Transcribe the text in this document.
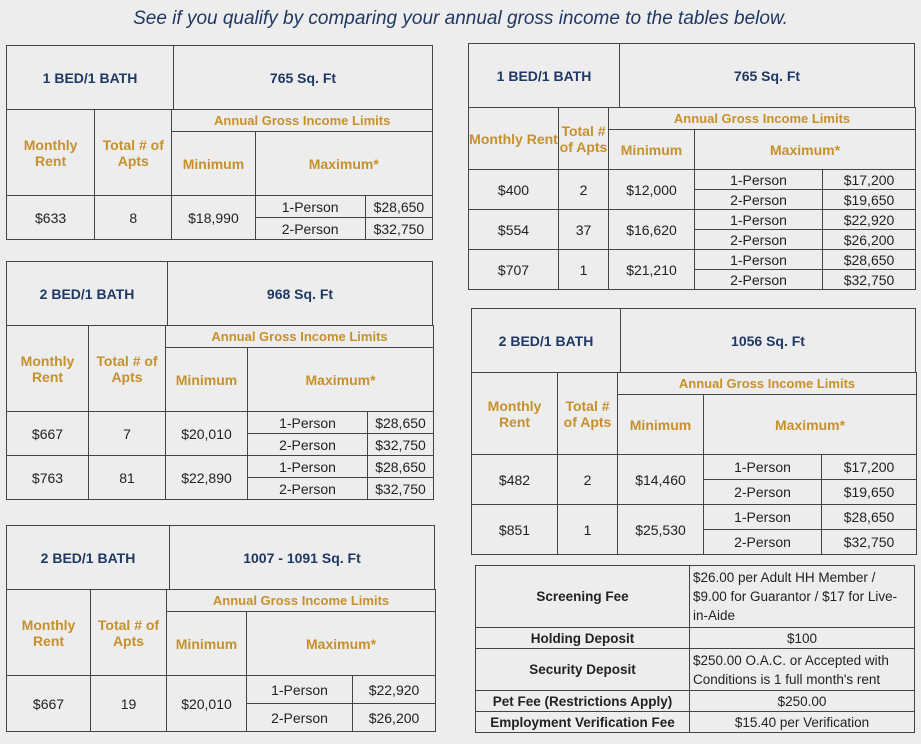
See if you qualify by comparing your annual gross income to the tables below.
1 BED/1 BATH	765 Sq. Ft
Monthly Rent	Total # of Apts	Annual Gross Income Limits		
		Minimum	Maximum*	
$633	8	$18,990	1-Person	$28,650
			2-Person	$32,750
2 BED/1 BATH	968 Sq. Ft
Monthly Rent	Total # of Apts	Annual Gross Income Limits		
		Minimum	Maximum*	
$667	7	$20,010	1-Person	$28,650
			2-Person	$32,750
$763	81	$22,890	1-Person	$28,650
			2-Person	$32,750
2 BED/1 BATH	1007 - 1091 Sq. Ft
Monthly Rent	Total # of Apts	Annual Gross Income Limits		
		Minimum	Maximum*	
$667	19	$20,010	1-Person	$22,920
			2-Person	$26,200
1 BED/1 BATH	765 Sq. Ft
Monthly Rent	Total # of Apts	Annual Gross Income Limits		
		Minimum	Maximum*	
$400	2	$12,000	1-Person	$17,200
			2-Person	$19,650
$554	37	$16,620	1-Person	$22,920
			2-Person	$26,200
$707	1	$21,210	1-Person	$28,650
			2-Person	$32,750
2 BED/1 BATH	1056 Sq. Ft
Monthly Rent	Total # of Apts	Annual Gross Income Limits		
		Minimum	Maximum*	
$482	2	$14,460	1-Person	$17,200
			2-Person	$19,650
$851	1	$25,530	1-Person	$28,650
			2-Person	$32,750
Screening Fee	$26.00 per Adult HH Member / $9.00 for Guarantor / $17 for Live-in-Aide
Holding Deposit	$100
Security Deposit	$250.00 O.A.C. or Accepted with Conditions is 1 full month's rent
Pet Fee (Restrictions Apply)	$250.00
Employment Verification Fee	$15.40 per Verification
